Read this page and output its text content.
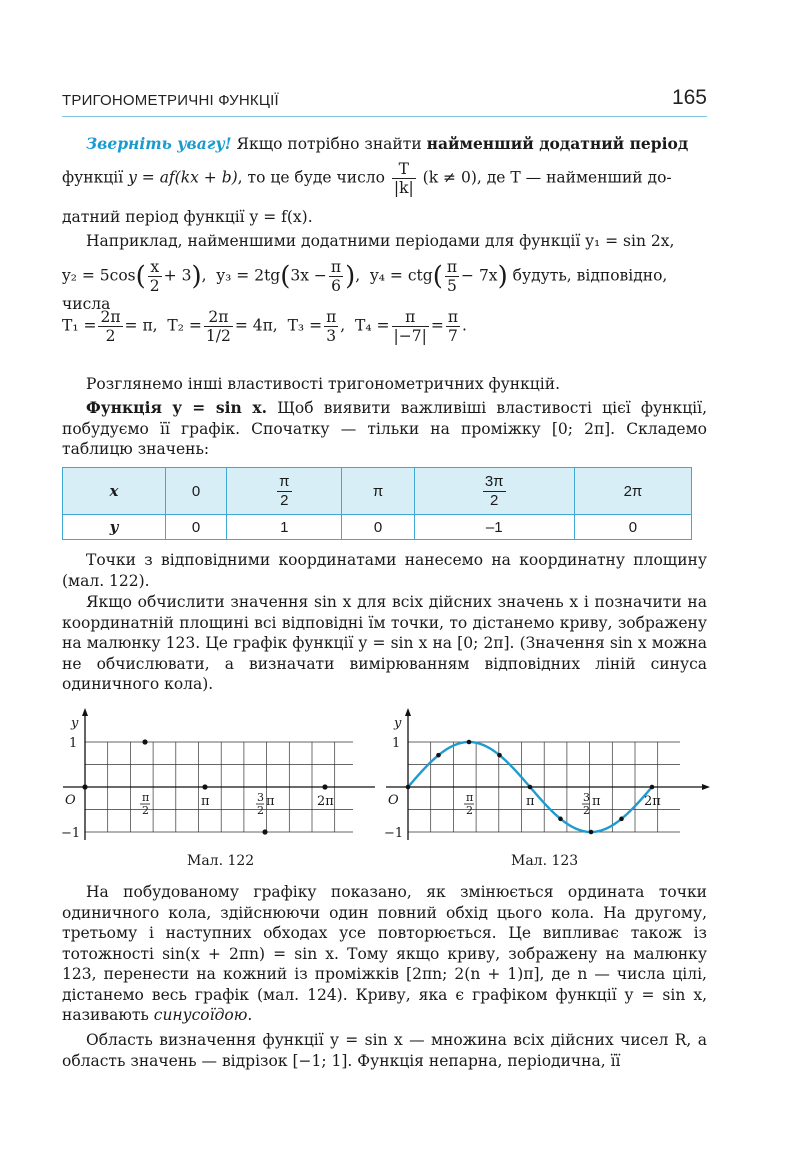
ТРИГОНОМЕТРИЧНІ ФУНКЦІЇ	165
Зверніть увагу! Якщо потрібно знайти найменший додатний період
функції y = af(kx + b), то це буде число $\frac{T}{|k|} (k \ne 0)$, де T — найменший до-
датний період функції y = f(x).
Наприклад, найменшими додатними періодами для функції y₁ = sin 2x,
$y_2 = 5\cos( \frac{x}{2} + 3)$,  $y_3 = 2tg(3x - \frac{\pi}{6}$ ),  $y_4 = ctg( \frac{\pi}{5} - 7x)$ будуть, відповідно, числа
$T_1 = \frac{2\pi}{2} = \pi$, $T_2 = \frac{2\pi}{1/2} = 4\pi$, $T_3 = \frac{\pi}{3}$ , $T_4 = \frac{\pi}{|-7|} = \frac{\pi}{7}$ .
Розглянемо інші властивості тригонометричних функцій.
Функція y = sin x. Щоб виявити важливіші властивості цієї функції, побудуємо її графік. Спочатку — тільки на проміжку [0; 2π]. Складемо таблицю значень:
x	0	$\frac{\pi}{2}$	π	$\frac{3\pi}{2}$	2π
y	0	1	0	–1	0
Точки з відповідними координатами нанесемо на координатну площину (мал. 122).
Якщо обчислити значення sin x для всіх дійсних значень x і позначити на координатній площині всі відповідні їм точки, то дістанемо криву, зображену на малюнку 123. Це графік функції y = sin x на [0; 2π]. (Значення sin x можна не обчислювати, а визначати вимірюванням відповідних ліній синуса одиничного кола).
y
O
1
−1
π
2
π	3
2
π	2π
y
O
1
−1
π
2
π	3
2
π	2π
Мал. 122	Мал. 123
На побудованому графіку показано, як змінюється ордината точки одиничного кола, здійснюючи один повний обхід цього кола. На другому, третьому і наступних обходах усе повторюється. Це випливає також із тотожності sin(x + 2πn) = sin x. Тому якщо криву, зображену на малюнку 123, перенести на кожний із проміжків [2πn; 2(n + 1)π], де n — числа цілі, дістанемо весь графік (мал. 124). Криву, яка є графіком функції y = sin x, називають синусоїдою.
Область визначення функції y = sin x — множина всіх дійсних чисел R, а область значень — відрізок [−1; 1]. Функція непарна, періодична, її
